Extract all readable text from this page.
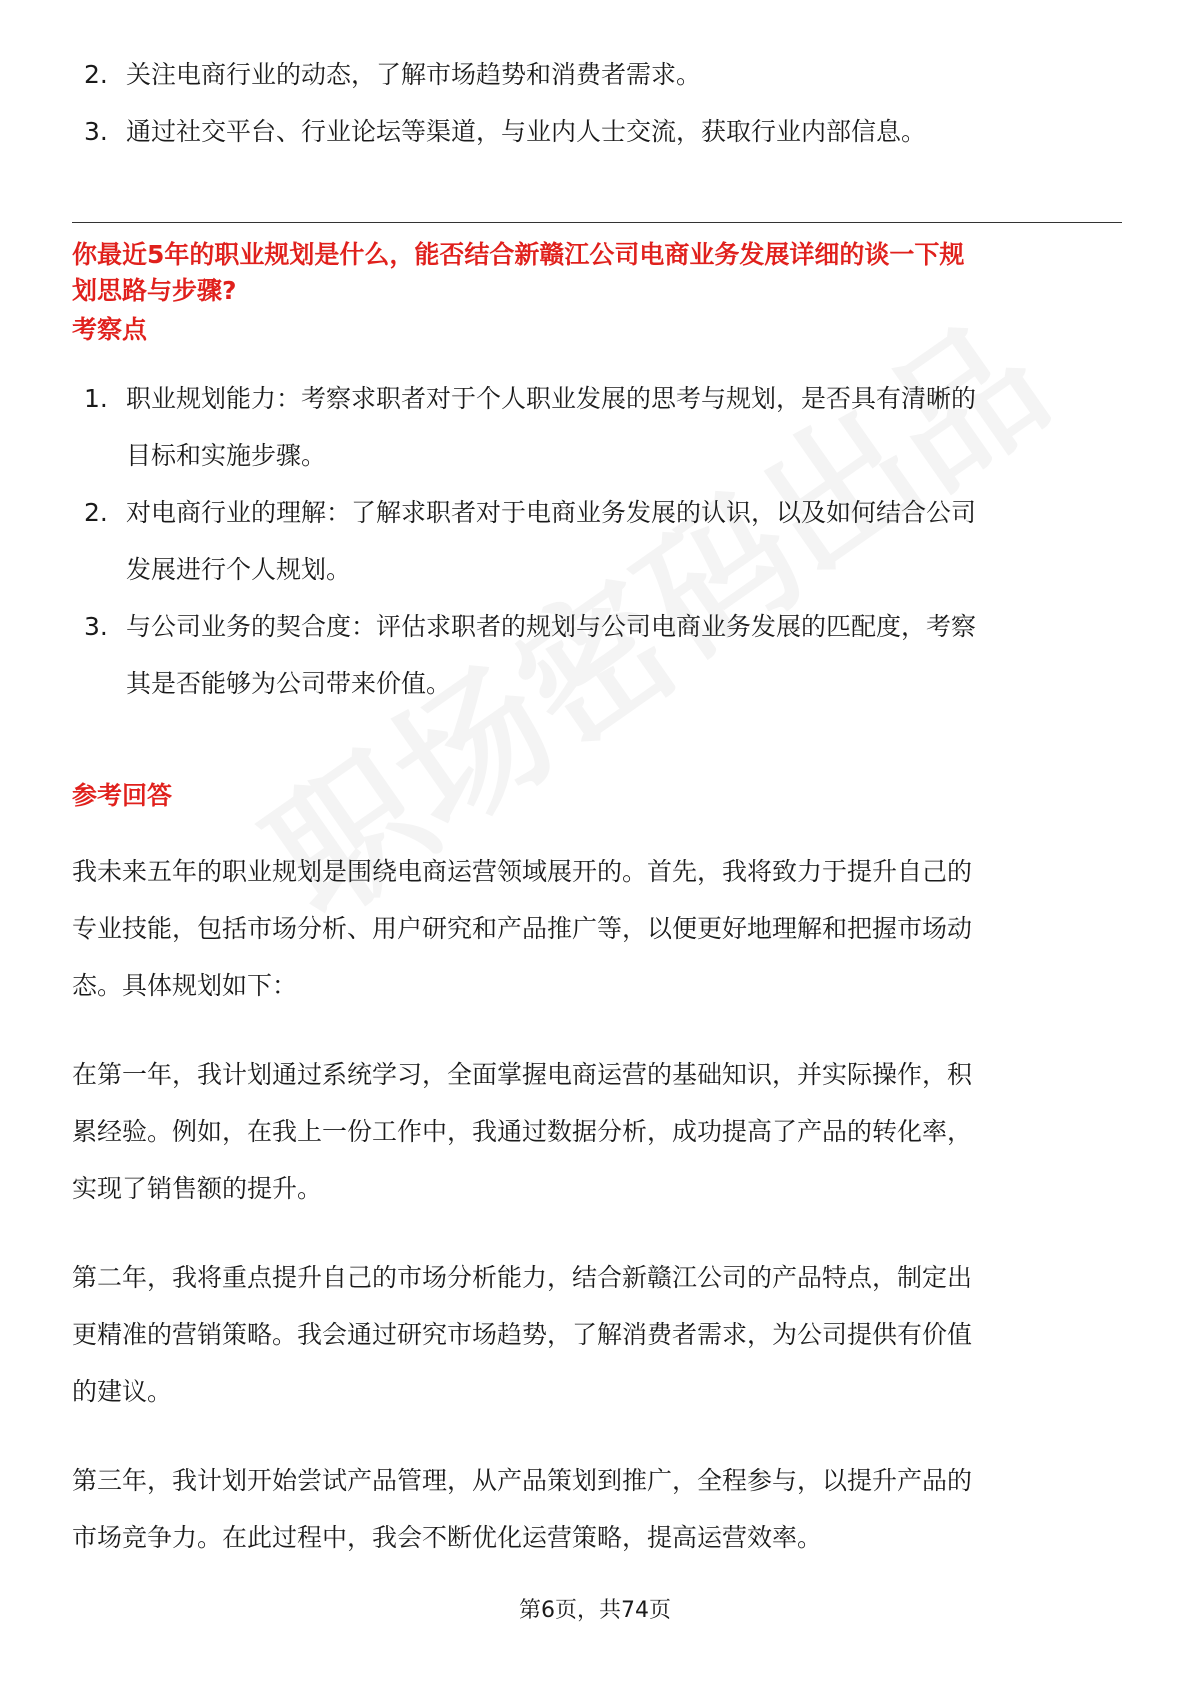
2. 关注电商行业的动态，了解市场趋势和消费者需求。
3. 通过社交平台、行业论坛等渠道，与业内人士交流，获取行业内部信息。
你最近5年的职业规划是什么，能否结合新赣江公司电商业务发展详细的谈一下规
划思路与步骤?
考察点
1. 职业规划能力：考察求职者对于个人职业发展的思考与规划，是否具有清晰的
目标和实施步骤。
2. 对电商行业的理解：了解求职者对于电商业务发展的认识，以及如何结合公司
发展进行个人规划。
3. 与公司业务的契合度：评估求职者的规划与公司电商业务发展的匹配度，考察
其是否能够为公司带来价值。
参考回答
我未来五年的职业规划是围绕电商运营领域展开的。首先，我将致力于提升自己的
专业技能，包括市场分析、用户研究和产品推广等，以便更好地理解和把握市场动
态。具体规划如下：
在第一年，我计划通过系统学习，全面掌握电商运营的基础知识，并实际操作，积
累经验。例如，在我上一份工作中，我通过数据分析，成功提高了产品的转化率，
实现了销售额的提升。
第二年，我将重点提升自己的市场分析能力，结合新赣江公司的产品特点，制定出
更精准的营销策略。我会通过研究市场趋势，了解消费者需求，为公司提供有价值
的建议。
第三年，我计划开始尝试产品管理，从产品策划到推广，全程参与，以提升产品的
市场竞争力。在此过程中，我会不断优化运营策略，提高运营效率。
第6页，共74页
